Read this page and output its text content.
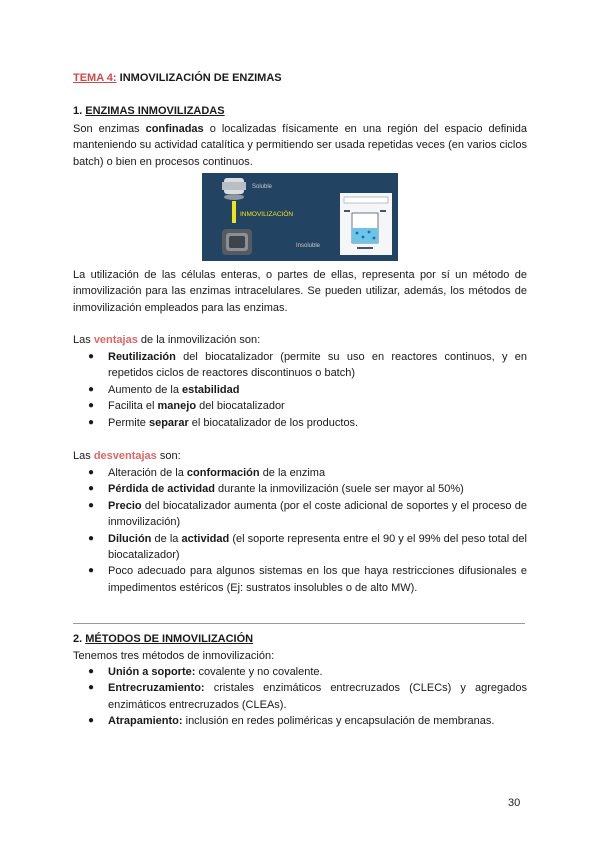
TEMA 4: INMOVILIZACIÓN DE ENZIMAS

1. ENZIMAS INMOVILIZADAS

Son enzimas confinadas o localizadas físicamente en una región del espacio definida manteniendo su actividad catalítica y permitiendo ser usada repetidas veces (en varios ciclos batch) o bien en procesos continuos.

Soluble
INMOVILIZACIÓN
Insoluble

La utilización de las células enteras, o partes de ellas, representa por sí un método de inmovilización para las enzimas intracelulares. Se pueden utilizar, además, los métodos de inmovilización empleados para las enzimas.

Las ventajas de la inmovilización son:

● Reutilización del biocatalizador (permite su uso en reactores continuos, y en repetidos ciclos de reactores discontinuos o batch)
● Aumento de la estabilidad
● Facilita el manejo del biocatalizador
● Permite separar el biocatalizador de los productos.

Las desventajas son:

● Alteración de la conformación de la enzima
● Pérdida de actividad durante la inmovilización (suele ser mayor al 50%)
● Precio del biocatalizador aumenta (por el coste adicional de soportes y el proceso de inmovilización)
● Dilución de la actividad (el soporte representa entre el 90 y el 99% del peso total del biocatalizador)
● Poco adecuado para algunos sistemas en los que haya restricciones difusionales e impedimentos estéricos (Ej: sustratos insolubles o de alto MW).

2. MÉTODOS DE INMOVILIZACIÓN

Tenemos tres métodos de inmovilización:

● Unión a soporte: covalente y no covalente.
● Entrecruzamiento: cristales enzimáticos entrecruzados (CLECs) y agregados enzimáticos entrecruzados (CLEAs).
● Atrapamiento: inclusión en redes poliméricas y encapsulación de membranas.
30
